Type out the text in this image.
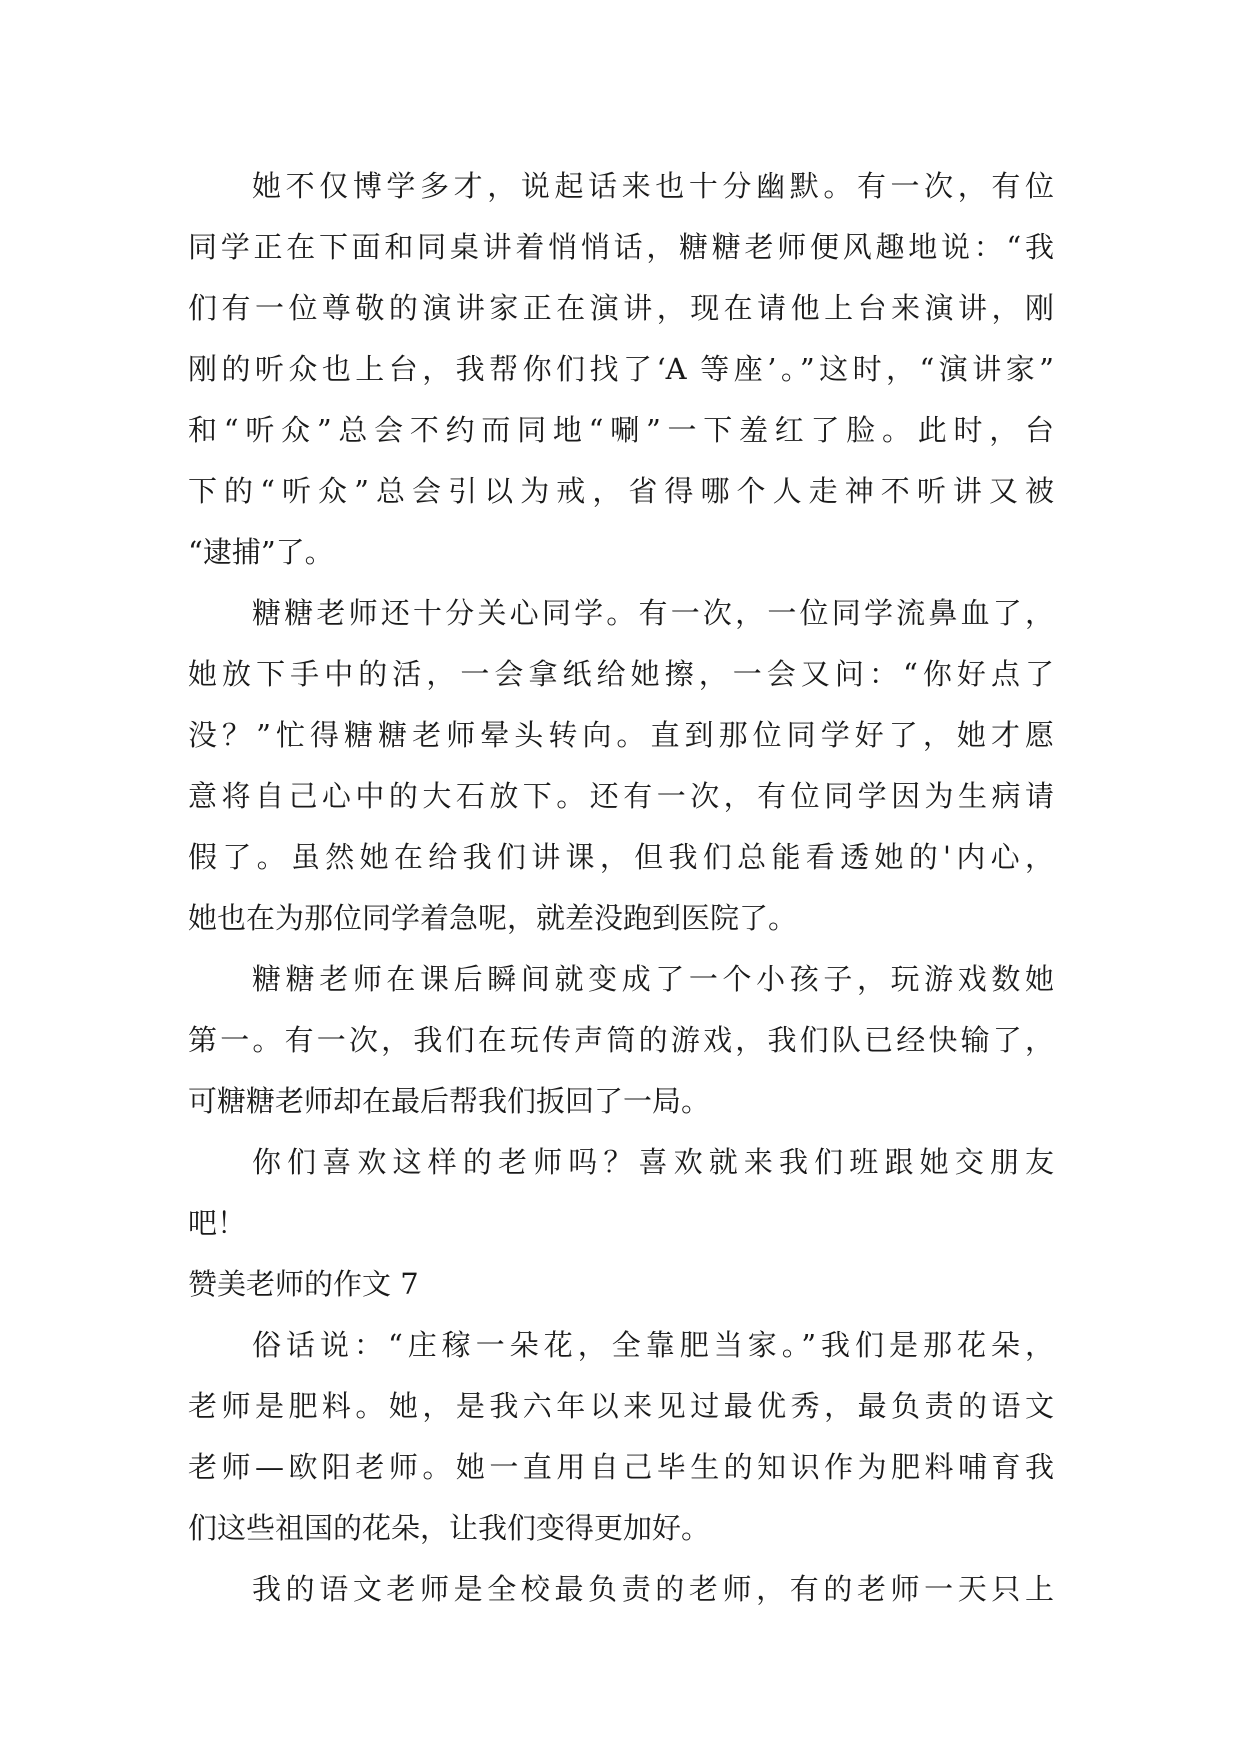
她不仅博学多才，说起话来也十分幽默。有一次，有位
同学正在下面和同桌讲着悄悄话，糖糖老师便风趣地说：“我
们有一位尊敬的演讲家正在演讲，现在请他上台来演讲，刚
刚的听众也上台，我帮你们找了‘A 等座’。”这时，“演讲家”
和“听众”总会不约而同地“唰”一下羞红了脸。此时，台
下的“听众”总会引以为戒，省得哪个人走神不听讲又被
“逮捕”了。
糖糖老师还十分关心同学。有一次，一位同学流鼻血了，
她放下手中的活，一会拿纸给她擦，一会又问：“你好点了
没？”忙得糖糖老师晕头转向。直到那位同学好了，她才愿
意将自己心中的大石放下。还有一次，有位同学因为生病请
假了。虽然她在给我们讲课，但我们总能看透她的'内心，
她也在为那位同学着急呢，就差没跑到医院了。
糖糖老师在课后瞬间就变成了一个小孩子，玩游戏数她
第一。有一次，我们在玩传声筒的游戏，我们队已经快输了，
可糖糖老师却在最后帮我们扳回了一局。
你们喜欢这样的老师吗？喜欢就来我们班跟她交朋友
吧！
赞美老师的作文 7
俗话说：“庄稼一朵花，全靠肥当家。”我们是那花朵，
老师是肥料。她，是我六年以来见过最优秀，最负责的语文
老师—欧阳老师。她一直用自己毕生的知识作为肥料哺育我
们这些祖国的花朵，让我们变得更加好。
我的语文老师是全校最负责的老师，有的老师一天只上
